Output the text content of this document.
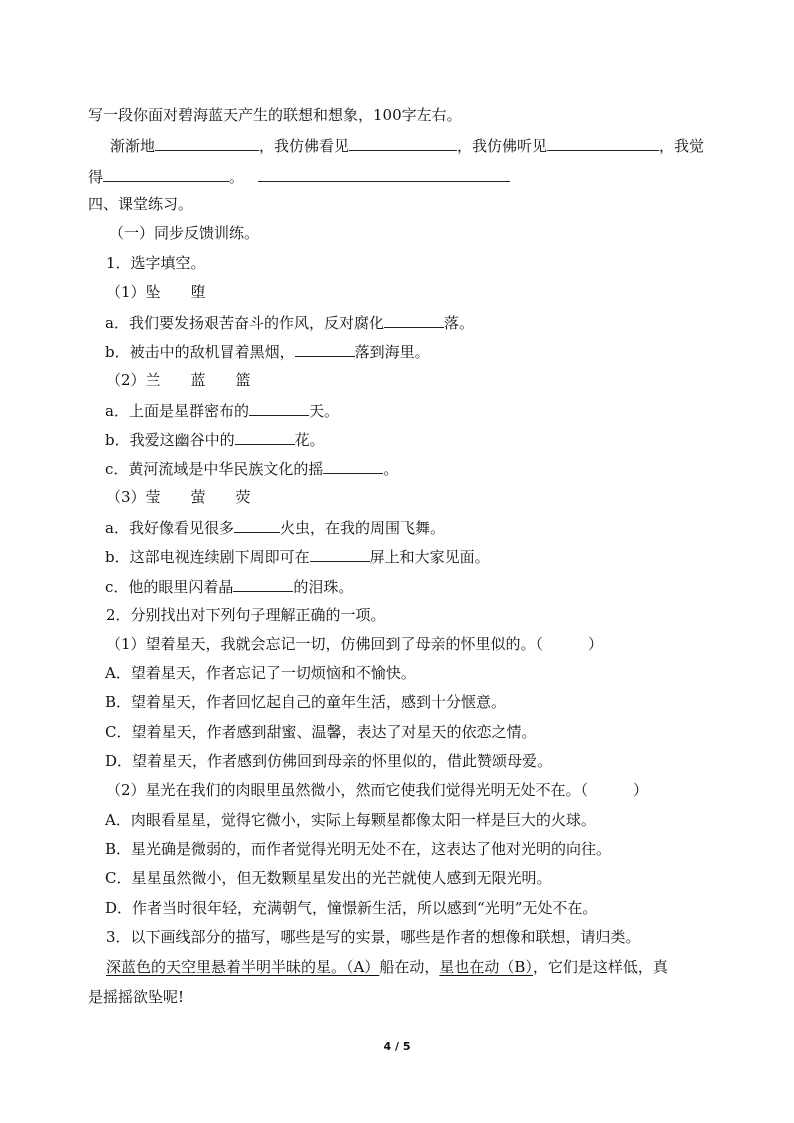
写一段你面对碧海蓝天产生的联想和想象，100字左右。
渐渐地	，我仿佛看见	，我仿佛听见	，我觉
得	。
四、课堂练习。
（一）同步反馈训练。
1．选字填空。
（1）坠　　堕
a．我们要发扬艰苦奋斗的作风，反对腐化	落。
b．被击中的敌机冒着黑烟，	落到海里。
（2）兰　　蓝　　篮
a．上面是星群密布的	天。
b．我爱这幽谷中的	花。
c．黄河流域是中华民族文化的摇	。
（3）莹　　萤　　荧
a．我好像看见很多	火虫，在我的周围飞舞。
b．这部电视连续剧下周即可在	屏上和大家见面。
c．他的眼里闪着晶	的泪珠。
2．分别找出对下列句子理解正确的一项。
（1）望着星天，我就会忘记一切，仿佛回到了母亲的怀里似的。（　　　）
A．望着星天，作者忘记了一切烦恼和不愉快。
B．望着星天，作者回忆起自己的童年生活，感到十分惬意。
C．望着星天，作者感到甜蜜、温馨，表达了对星天的依恋之情。
D．望着星天，作者感到仿佛回到母亲的怀里似的，借此赞颂母爱。
（2）星光在我们的肉眼里虽然微小，然而它使我们觉得光明无处不在。（　　　）
A．肉眼看星星，觉得它微小，实际上每颗星都像太阳一样是巨大的火球。
B．星光确是微弱的，而作者觉得光明无处不在，这表达了他对光明的向往。
C．星星虽然微小，但无数颗星星发出的光芒就使人感到无限光明。
D．作者当时很年轻，充满朝气，憧憬新生活，所以感到“光明”无处不在。
3．以下画线部分的描写，哪些是写的实景，哪些是作者的想像和联想，请归类。
深蓝色的天空里悬着半明半昧的星。（A）船在动，星也在动（B），它们是这样低，真
是摇摇欲坠呢!
4 / 5
